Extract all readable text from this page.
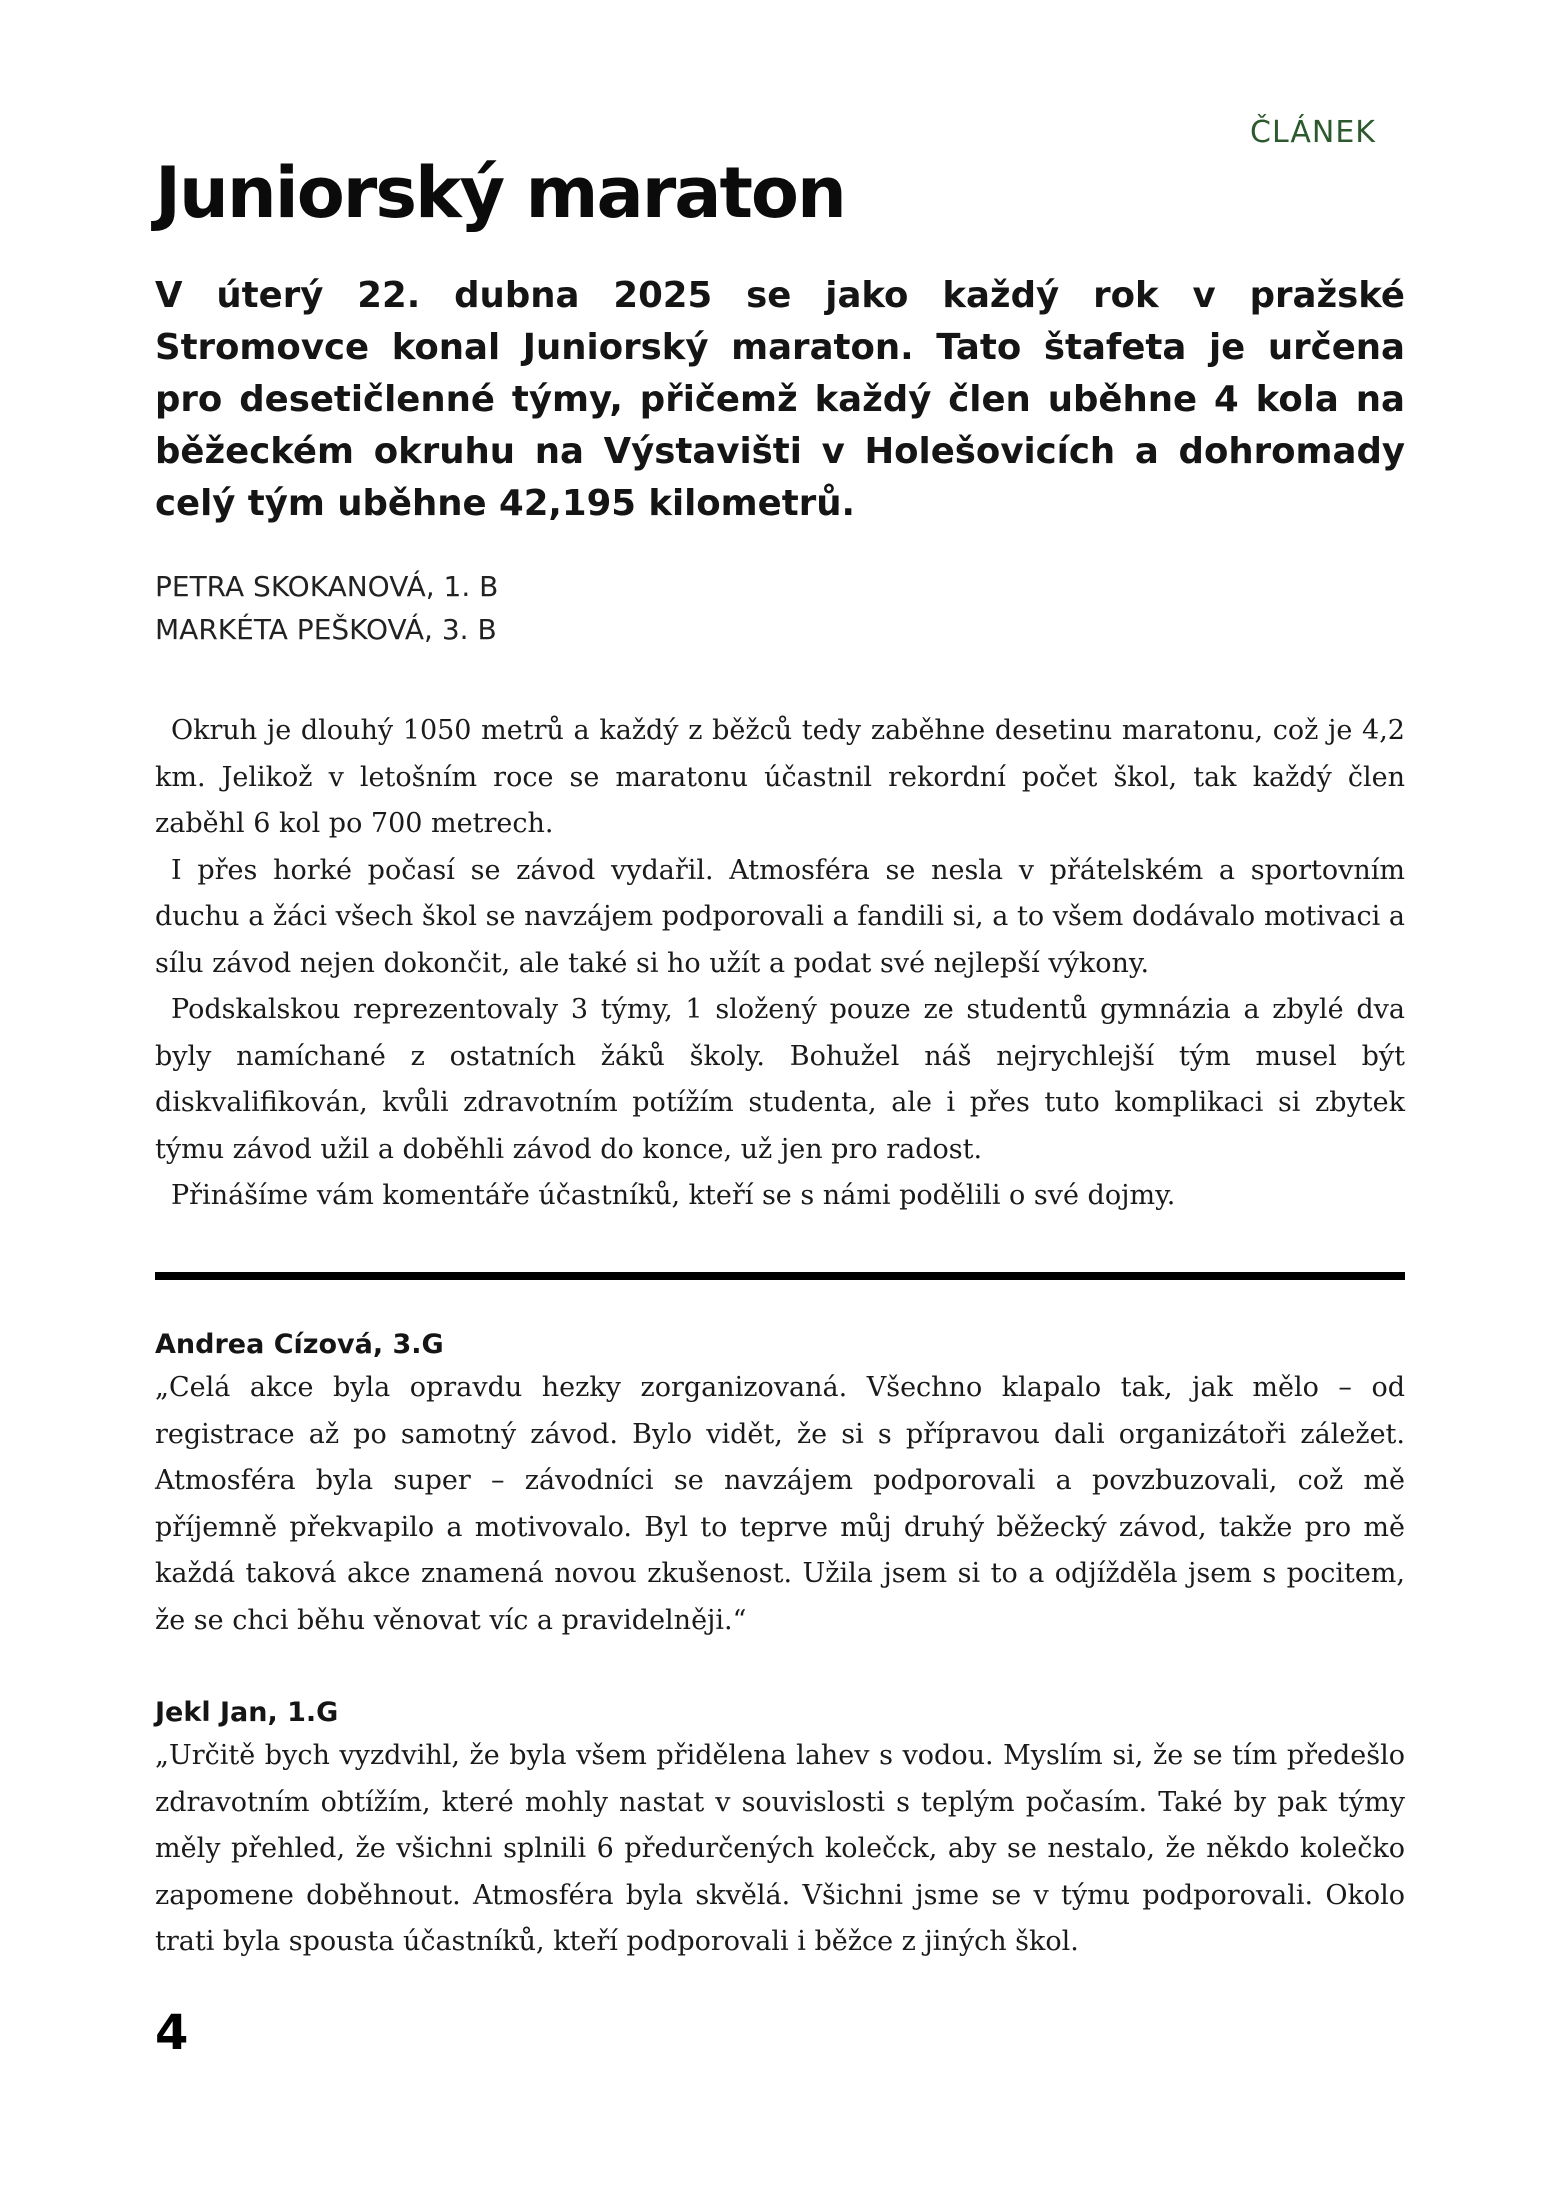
ČLÁNEK
Juniorský maraton

V úterý 22. dubna 2025 se jako každý rok v pražské Stromovce konal Juniorský maraton. Tato štafeta je určena pro desetičlenné týmy, přičemž každý člen uběhne 4 kola na běžeckém okruhu na Výstavišti v Holešovicích a dohromady celý tým uběhne 42,195 kilometrů.

PETRA SKOKANOVÁ, 1. B
MARKÉTA PEŠKOVÁ, 3. B

Okruh je dlouhý 1050 metrů a každý z běžců tedy zaběhne desetinu maratonu, což je 4,2 km. Jelikož v letošním roce se maratonu účastnil rekordní počet škol, tak každý člen zaběhl 6 kol po 700 metrech.

I přes horké počasí se závod vydařil. Atmosféra se nesla v přátelském a sportovním duchu a žáci všech škol se navzájem podporovali a fandili si, a to všem dodávalo motivaci a sílu závod nejen dokončit, ale také si ho užít a podat své nejlepší výkony.

Podskalskou reprezentovaly 3 týmy, 1 složený pouze ze studentů gymnázia a zbylé dva byly namíchané z ostatních žáků školy. Bohužel náš nejrychlejší tým musel být diskvalifikován, kvůli zdravotním potížím studenta, ale i přes tuto komplikaci si zbytek týmu závod užil a doběhli závod do konce, už jen pro radost.

Přinášíme vám komentáře účastníků, kteří se s námi podělili o své dojmy.

Andrea Cízová, 3.G

„Celá akce byla opravdu hezky zorganizovaná. Všechno klapalo tak, jak mělo – od registrace až po samotný závod. Bylo vidět, že si s přípravou dali organizátoři záležet. Atmosféra byla super – závodníci se navzájem podporovali a povzbuzovali, což mě příjemně překvapilo a motivovalo. Byl to teprve můj druhý běžecký závod, takže pro mě každá taková akce znamená novou zkušenost. Užila jsem si to a odjížděla jsem s pocitem, že se chci běhu věnovat víc a pravidelněji.“

Jekl Jan, 1.G

„Určitě bych vyzdvihl, že byla všem přidělena lahev s vodou. Myslím si, že se tím předešlo zdravotním obtížím, které mohly nastat v souvislosti s teplým počasím. Také by pak týmy měly přehled, že všichni splnili 6 předurčených kolečck, aby se nestalo, že někdo kolečko zapomene doběhnout. Atmosféra byla skvělá. Všichni jsme se v týmu podporovali. Okolo trati byla spousta účastníků, kteří podporovali i běžce z jiných škol.

4
